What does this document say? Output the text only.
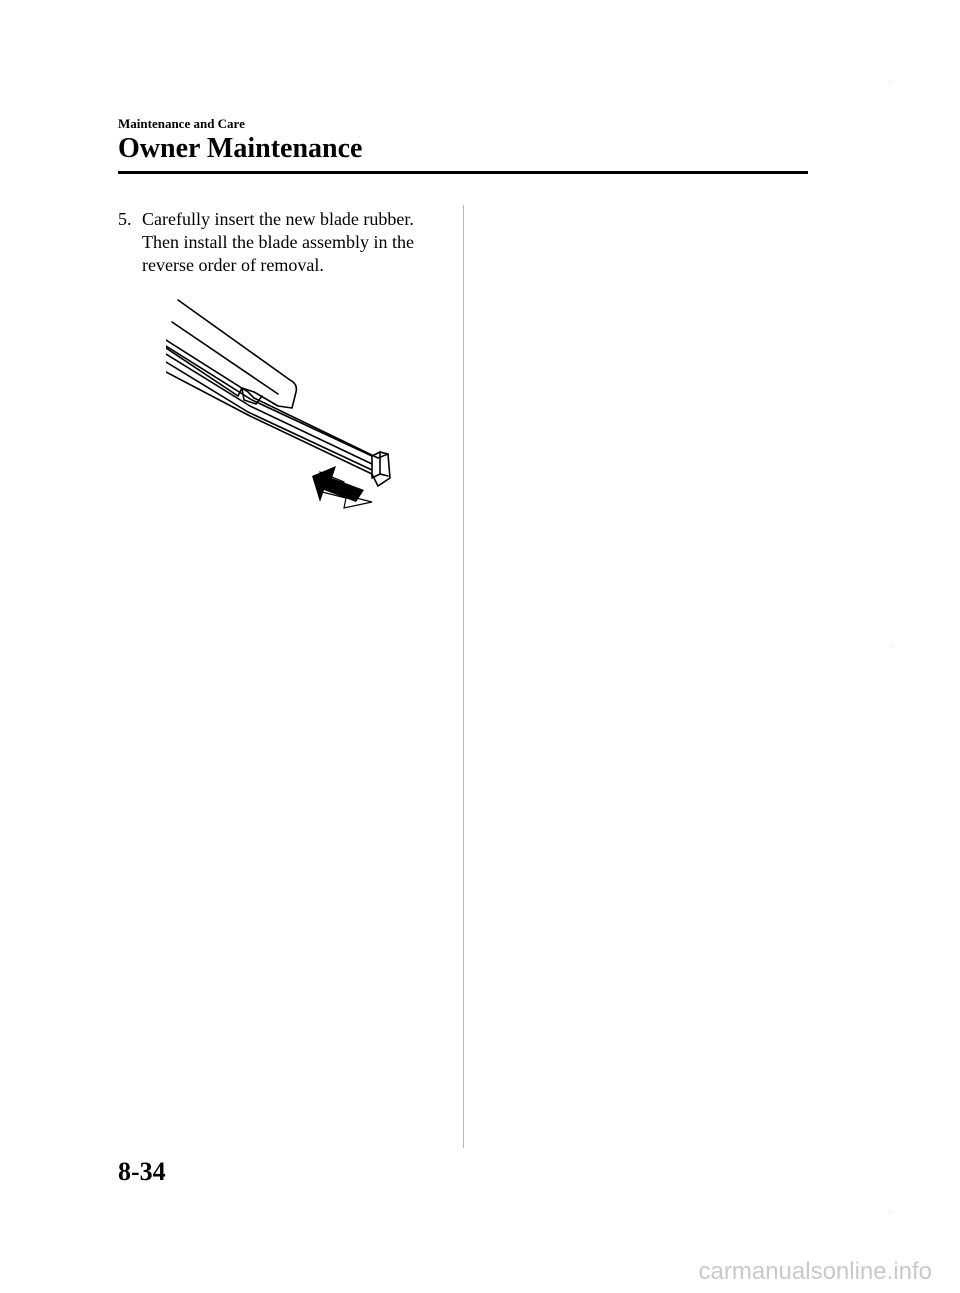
Maintenance and Care
Owner Maintenance
5. Carefully insert the new blade rubber.
Then install the blade assembly in the
reverse order of removal.
8-34
carmanualsonline.info
